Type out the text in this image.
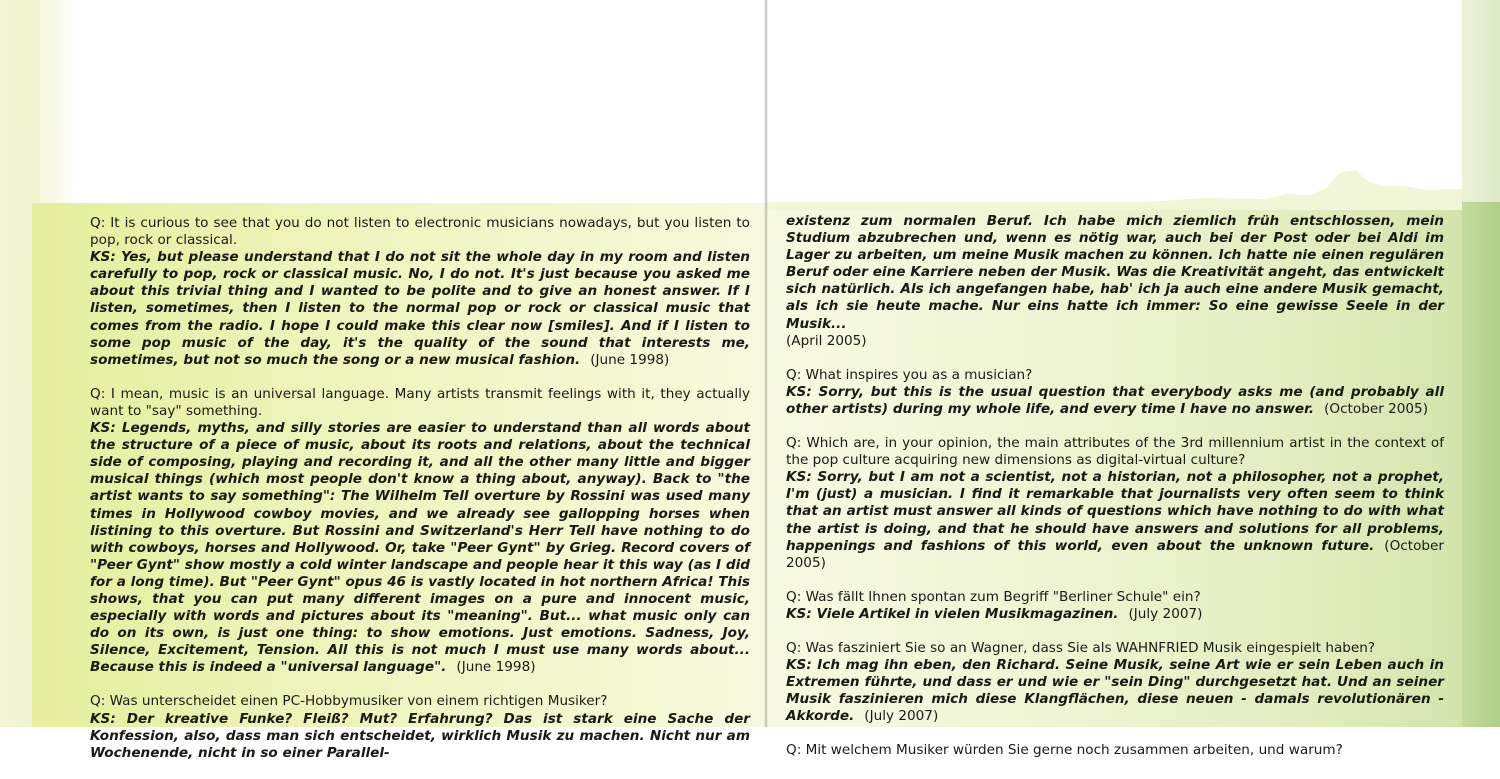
Q: It is curious to see that you do not listen to electronic musicians nowadays, but you listen to pop, rock or classical.
KS: Yes, but please understand that I do not sit the whole day in my room and listen carefully to pop, rock or classical music. No, I do not. It's just because you asked me about this trivial thing and I wanted to be polite and to give an honest answer. If I listen, sometimes, then I listen to the normal pop or rock or classical music that comes from the radio. I hope I could make this clear now [smiles]. And if I listen to some pop music of the day, it's the quality of the sound that interests me, sometimes, but not so much the song or a new musical fashion. (June 1998)
Q: I mean, music is an universal language. Many artists transmit feelings with it, they actually want to "say" something.
KS: Legends, myths, and silly stories are easier to understand than all words about the structure of a piece of music, about its roots and relations, about the technical side of composing, playing and recording it, and all the other many little and bigger musical things (which most people don't know a thing about, anyway). Back to "the artist wants to say something": The Wilhelm Tell overture by Rossini was used many times in Hollywood cowboy movies, and we already see gallopping horses when listining to this overture. But Rossini and Switzerland's Herr Tell have nothing to do with cowboys, horses and Hollywood. Or, take "Peer Gynt" by Grieg. Record covers of "Peer Gynt" show mostly a cold winter landscape and people hear it this way (as I did for a long time). But "Peer Gynt" opus 46 is vastly located in hot northern Africa! This shows, that you can put many different images on a pure and innocent music, especially with words and pictures about its "meaning". But... what music only can do on its own, is just one thing: to show emotions. Just emotions. Sadness, Joy, Silence, Excitement, Tension. All this is not much I must use many words about... Because this is indeed a "universal language". (June 1998)
Q: Was unterscheidet einen PC-Hobbymusiker von einem richtigen Musiker?
KS: Der kreative Funke? Fleiß? Mut? Erfahrung? Das ist stark eine Sache der Konfession, also, dass man sich entscheidet, wirklich Musik zu machen. Nicht nur am Wochenende, nicht in so einer Parallel-
existenz zum normalen Beruf. Ich habe mich ziemlich früh entschlossen, mein Studium abzubrechen und, wenn es nötig war, auch bei der Post oder bei Aldi im Lager zu arbeiten, um meine Musik machen zu können. Ich hatte nie einen regulären Beruf oder eine Karriere neben der Musik. Was die Kreativität angeht, das entwickelt sich natürlich. Als ich angefangen habe, hab' ich ja auch eine andere Musik gemacht, als ich sie heute mache. Nur eins hatte ich immer: So eine gewisse Seele in der Musik...
(April 2005)
Q: What inspires you as a musician?
KS: Sorry, but this is the usual question that everybody asks me (and probably all other artists) during my whole life, and every time I have no answer. (October 2005)
Q: Which are, in your opinion, the main attributes of the 3rd millennium artist in the context of the pop culture acquiring new dimensions as digital-virtual culture?
KS: Sorry, but I am not a scientist, not a historian, not a philosopher, not a prophet, I'm (just) a musician. I find it remarkable that journalists very often seem to think that an artist must answer all kinds of questions which have nothing to do with what the artist is doing, and that he should have answers and solutions for all problems, happenings and fashions of this world, even about the unknown future. (October 2005)
Q: Was fällt Ihnen spontan zum Begriff "Berliner Schule" ein?
KS: Viele Artikel in vielen Musikmagazinen. (July 2007)
Q: Was fasziniert Sie so an Wagner, dass Sie als WAHNFRIED Musik eingespielt haben?
KS: Ich mag ihn eben, den Richard. Seine Musik, seine Art wie er sein Leben auch in Extremen führte, und dass er und wie er "sein Ding" durchgesetzt hat. Und an seiner Musik faszinieren mich diese Klangflächen, diese neuen - damals revolutionären - Akkorde. (July 2007)
Q: Mit welchem Musiker würden Sie gerne noch zusammen arbeiten, und warum?
